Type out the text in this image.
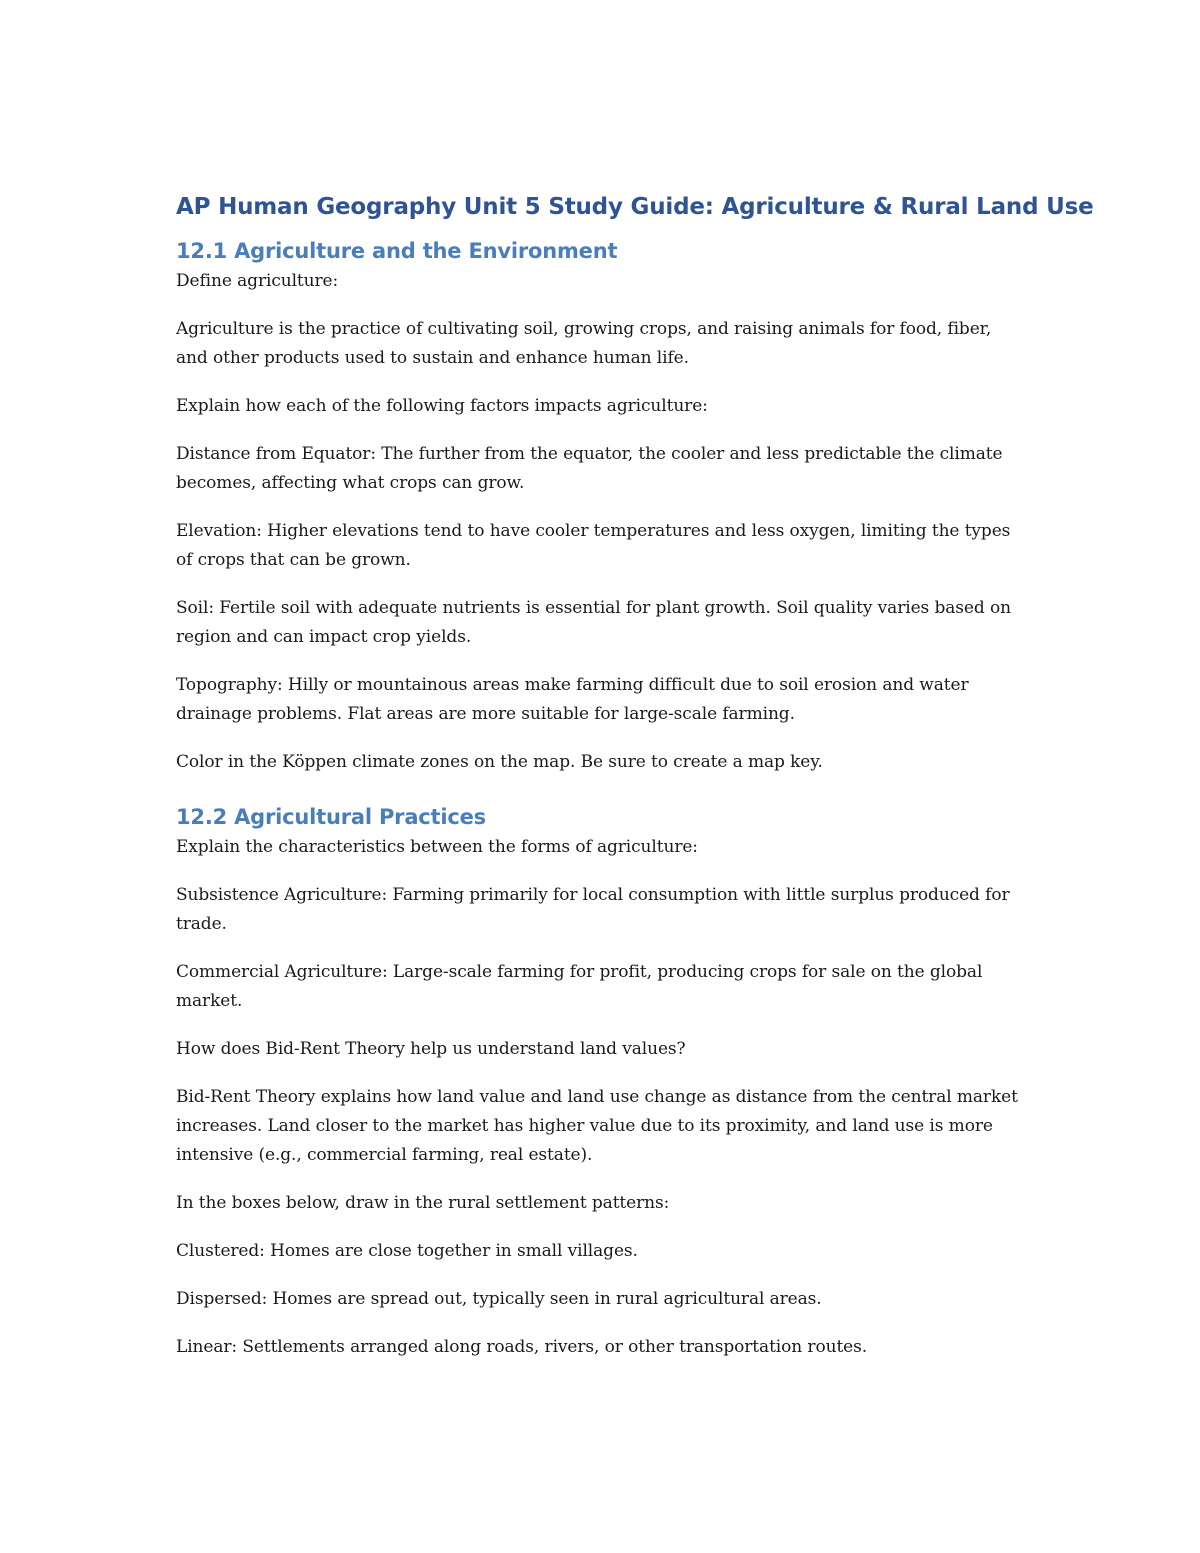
AP Human Geography Unit 5 Study Guide: Agriculture & Rural Land Use
12.1 Agriculture and the Environment

Define agriculture:

Agriculture is the practice of cultivating soil, growing crops, and raising animals for food, fiber, and other products used to sustain and enhance human life.

Explain how each of the following factors impacts agriculture:

Distance from Equator: The further from the equator, the cooler and less predictable the climate becomes, affecting what crops can grow.

Elevation: Higher elevations tend to have cooler temperatures and less oxygen, limiting the types of crops that can be grown.

Soil: Fertile soil with adequate nutrients is essential for plant growth. Soil quality varies based on region and can impact crop yields.

Topography: Hilly or mountainous areas make farming difficult due to soil erosion and water drainage problems. Flat areas are more suitable for large-scale farming.

Color in the Köppen climate zones on the map. Be sure to create a map key.

12.2 Agricultural Practices

Explain the characteristics between the forms of agriculture:

Subsistence Agriculture: Farming primarily for local consumption with little surplus produced for trade.

Commercial Agriculture: Large-scale farming for profit, producing crops for sale on the global market.

How does Bid-Rent Theory help us understand land values?

Bid-Rent Theory explains how land value and land use change as distance from the central market increases. Land closer to the market has higher value due to its proximity, and land use is more intensive (e.g., commercial farming, real estate).

In the boxes below, draw in the rural settlement patterns:

Clustered: Homes are close together in small villages.

Dispersed: Homes are spread out, typically seen in rural agricultural areas.

Linear: Settlements arranged along roads, rivers, or other transportation routes.
